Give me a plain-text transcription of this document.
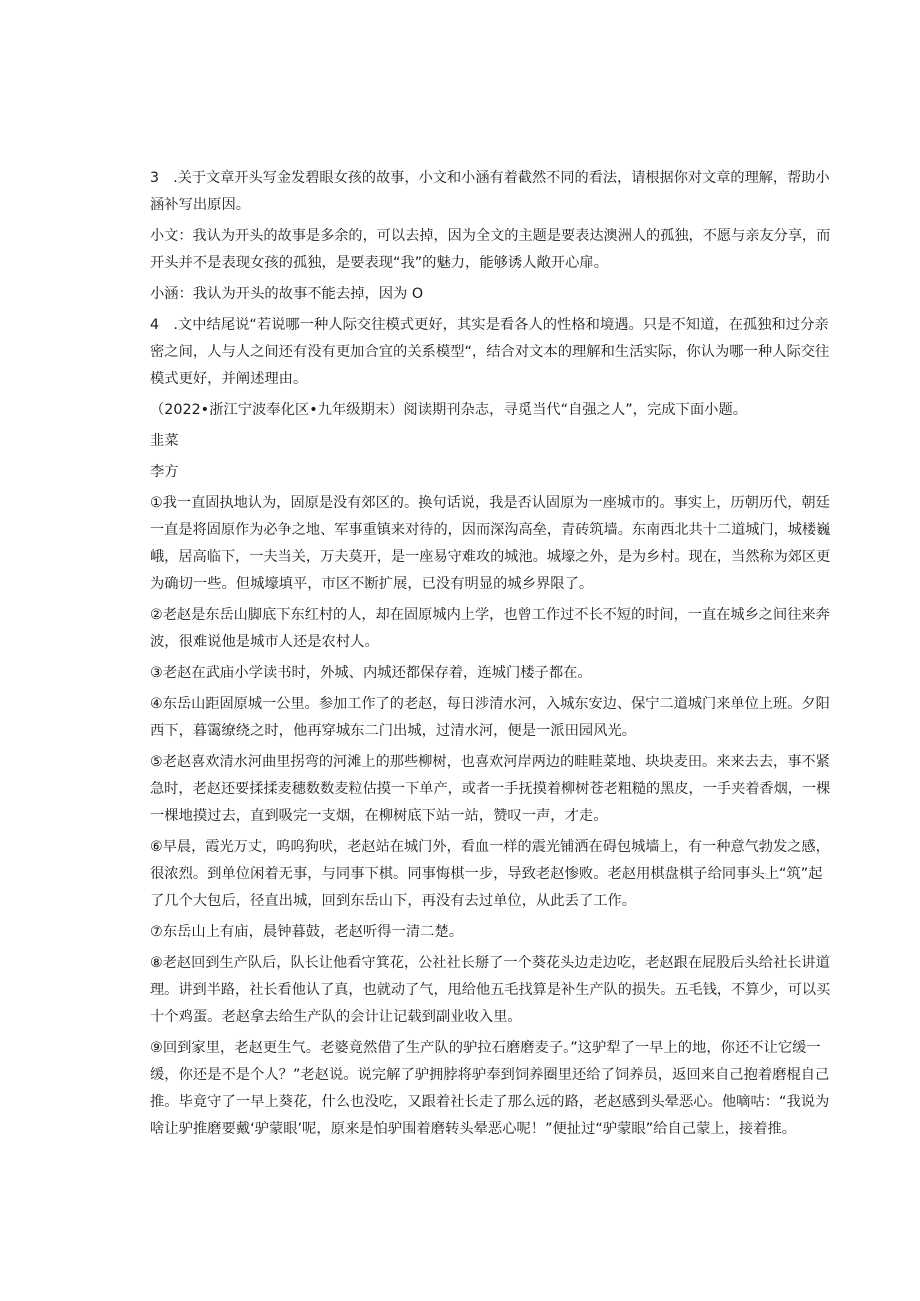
3　.关于文章开头写金发碧眼女孩的故事，小文和小涵有着截然不同的看法，请根据你对文章的理解，帮助小
涵补写出原因。
小文：我认为开头的故事是多余的，可以去掉，因为全文的主题是要表达澳洲人的孤独，不愿与亲友分享，而
开头并不是表现女孩的孤独，是要表现“我”的魅力，能够诱人敞开心扉。
小涵：我认为开头的故事不能去掉，因为 O
4　.文中结尾说“若说哪一种人际交往模式更好，其实是看各人的性格和境遇。只是不知道，在孤独和过分亲
密之间，人与人之间还有没有更加合宜的关系模型“，结合对文本的理解和生活实际，你认为哪一种人际交往
模式更好，并阐述理由。
（2022•浙江宁波奉化区•九年级期末）阅读期刊杂志，寻觅当代“自强之人”，完成下面小题。
韭菜
李方
①我一直固执地认为，固原是没有郊区的。换句话说，我是否认固原为一座城市的。事实上，历朝历代，朝廷
一直是将固原作为必争之地、军事重镇来对待的，因而深沟高垒，青砖筑墙。东南西北共十二道城门，城楼巍
峨，居高临下，一夫当关，万夫莫开，是一座易守难攻的城池。城壕之外，是为乡村。现在，当然称为郊区更
为确切一些。但城壕填平，市区不断扩展，已没有明显的城乡界限了。
②老赵是东岳山脚底下东红村的人，却在固原城内上学，也曾工作过不长不短的时间，一直在城乡之间往来奔
波，很难说他是城市人还是农村人。
③老赵在武庙小学读书时，外城、内城还都保存着，连城门楼子都在。
④东岳山距固原城一公里。参加工作了的老赵，每日涉清水河，入城东安边、保宁二道城门来单位上班。夕阳
西下，暮霭缭绕之时，他再穿城东二门出城，过清水河，便是一派田园风光。
⑤老赵喜欢清水河曲里拐弯的河滩上的那些柳树，也喜欢河岸两边的畦畦菜地、块块麦田。来来去去，事不紧
急时，老赵还要揉揉麦穗数数麦粒估摸一下单产，或者一手抚摸着柳树苍老粗糙的黑皮，一手夹着香烟，一棵
一棵地摸过去，直到吸完一支烟，在柳树底下站一站，赞叹一声，才走。
⑥早晨，霞光万丈，呜呜狗吠，老赵站在城门外，看血一样的震光铺洒在碍包城墙上，有一种意气勃发之感，
很浓烈。到单位闲着无事，与同事下棋。同事悔棋一步，导致老赵惨败。老赵用棋盘棋子给同事头上“筑”起
了几个大包后，径直出城，回到东岳山下，再没有去过单位，从此丢了工作。
⑦东岳山上有庙，晨钟暮鼓，老赵听得一清二楚。
⑧老赵回到生产队后，队长让他看守箕花，公社社长掰了一个葵花头边走边吃，老赵跟在屁股后头给社长讲道
理。讲到半路，社长看他认了真，也就动了气，甩给他五毛找算是补生产队的损失。五毛钱，不算少，可以买
十个鸡蛋。老赵拿去给生产队的会计让记载到副业收入里。
⑨回到家里，老赵更生气。老婆竟然借了生产队的驴拉石磨磨麦子。”这驴犁了一早上的地，你还不让它缓一
缓，你还是不是个人？”老赵说。说完解了驴拥脖将驴奉到饲养圈里还给了饲养员，返回来自己抱着磨棍自己
推。毕竟守了一早上葵花，什么也没吃，又跟着社长走了那么远的路，老赵感到头晕恶心。他嘀咕：“我说为
啥让驴推磨要戴‘驴蒙眼’呢，原来是怕驴围着磨转头晕恶心呢！”便扯过“驴蒙眼”给自己蒙上，接着推。
